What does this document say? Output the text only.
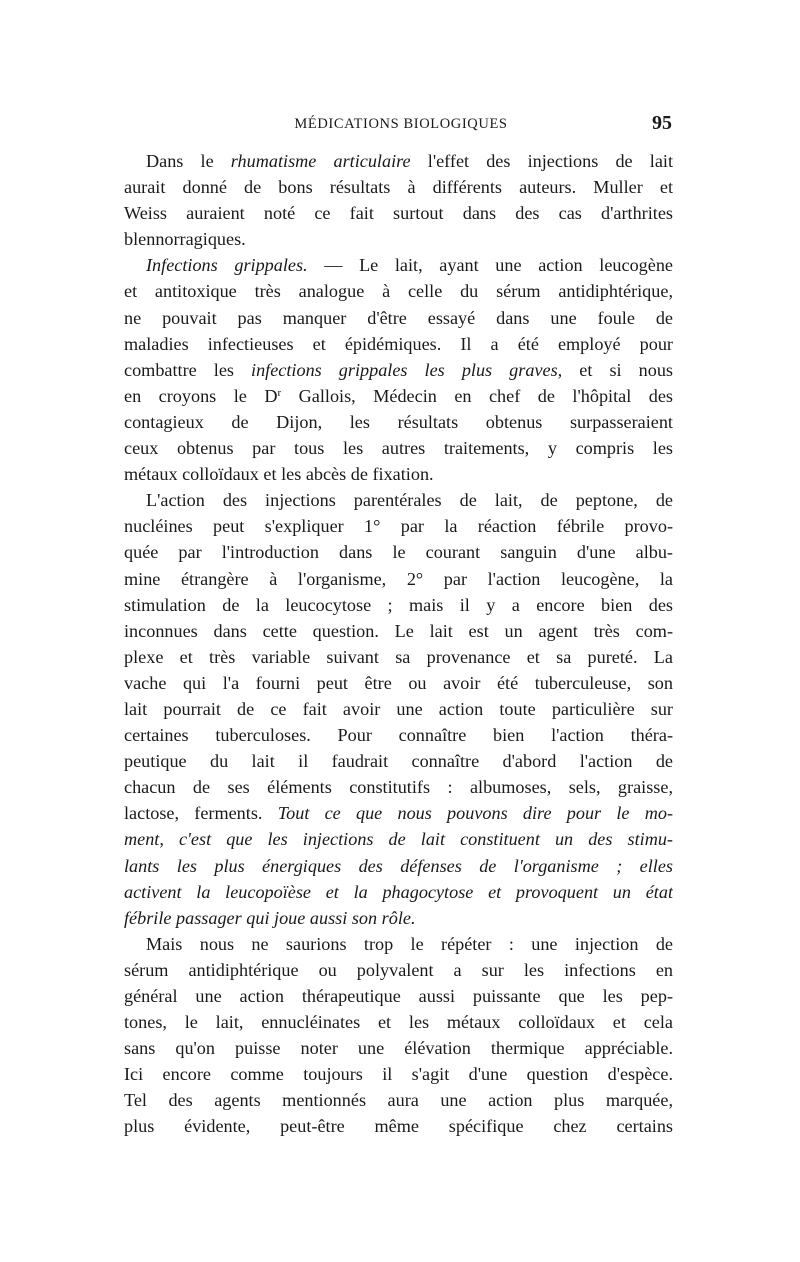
MÉDICATIONS BIOLOGIQUES	95
Dans le rhumatisme articulaire l'effet des injections de lait
aurait donné de bons résultats à différents auteurs. Muller et
Weiss auraient noté ce fait surtout dans des cas d'arthrites
blennorragiques.
Infections grippales. — Le lait, ayant une action leucogène
et antitoxique très analogue à celle du sérum antidiphtérique,
ne pouvait pas manquer d'être essayé dans une foule de
maladies infectieuses et épidémiques. Il a été employé pour
combattre les infections grippales les plus graves, et si nous
en croyons le $D^r$ Gallois, Médecin en chef de l'hôpital des
contagieux de Dijon, les résultats obtenus surpasseraient
ceux obtenus par tous les autres traitements, y compris les
métaux colloïdaux et les abcès de fixation.
L'action des injections parentérales de lait, de peptone, de
nucléines peut s'expliquer 1° par la réaction fébrile provo-
quée par l'introduction dans le courant sanguin d'une albu-
mine étrangère à l'organisme, 2° par l'action leucogène, la
stimulation de la leucocytose ; mais il y a encore bien des
inconnues dans cette question. Le lait est un agent très com-
plexe et très variable suivant sa provenance et sa pureté. La
vache qui l'a fourni peut être ou avoir été tuberculeuse, son
lait pourrait de ce fait avoir une action toute particulière sur
certaines tuberculoses. Pour connaître bien l'action théra-
peutique du lait il faudrait connaître d'abord l'action de
chacun de ses éléments constitutifs : albumoses, sels, graisse,
lactose, ferments. Tout ce que nous pouvons dire pour le mo-
ment, c'est que les injections de lait constituent un des stimu-
lants les plus énergiques des défenses de l'organisme ; elles
activent la leucopoïèse et la phagocytose et provoquent un état
fébrile passager qui joue aussi son rôle.
Mais nous ne saurions trop le répéter : une injection de
sérum antidiphtérique ou polyvalent a sur les infections en
général une action thérapeutique aussi puissante que les pep-
tones, le lait, ennucléinates et les métaux colloïdaux et cela
sans qu'on puisse noter une élévation thermique appréciable.
Ici encore comme toujours il s'agit d'une question d'espèce.
Tel des agents mentionnés aura une action plus marquée,
plus évidente, peut-être même spécifique chez certains
